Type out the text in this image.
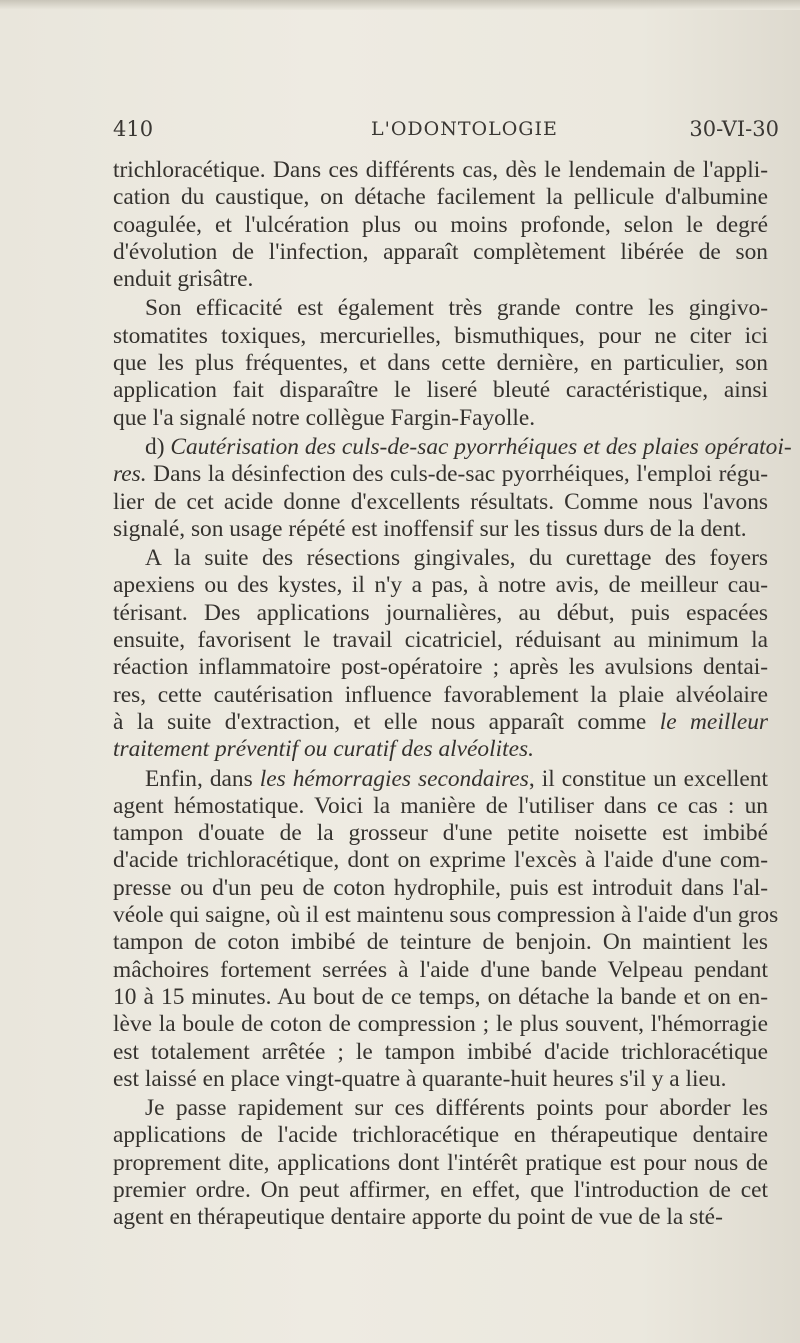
410	L'ODONTOLOGIE	30-VI-30
trichloracétique. Dans ces différents cas, dès le lendemain de l'appli-
cation du caustique, on détache facilement la pellicule d'albumine
coagulée, et l'ulcération plus ou moins profonde, selon le degré
d'évolution de l'infection, apparaît complètement libérée de son
enduit grisâtre.
Son efficacité est également très grande contre les gingivo-
stomatites toxiques, mercurielles, bismuthiques, pour ne citer ici
que les plus fréquentes, et dans cette dernière, en particulier, son
application fait disparaître le liseré bleuté caractéristique, ainsi
que l'a signalé notre collègue Fargin-Fayolle.
d) Cautérisation des culs-de-sac pyorrhéiques et des plaies opératoi-
res. Dans la désinfection des culs-de-sac pyorrhéiques, l'emploi régu-
lier de cet acide donne d'excellents résultats. Comme nous l'avons
signalé, son usage répété est inoffensif sur les tissus durs de la dent.
A la suite des résections gingivales, du curettage des foyers
apexiens ou des kystes, il n'y a pas, à notre avis, de meilleur cau-
térisant. Des applications journalières, au début, puis espacées
ensuite, favorisent le travail cicatriciel, réduisant au minimum la
réaction inflammatoire post-opératoire ; après les avulsions dentai-
res, cette cautérisation influence favorablement la plaie alvéolaire
à la suite d'extraction, et elle nous apparaît comme le meilleur
traitement préventif ou curatif des alvéolites.
Enfin, dans les hémorragies secondaires, il constitue un excellent
agent hémostatique. Voici la manière de l'utiliser dans ce cas : un
tampon d'ouate de la grosseur d'une petite noisette est imbibé
d'acide trichloracétique, dont on exprime l'excès à l'aide d'une com-
presse ou d'un peu de coton hydrophile, puis est introduit dans l'al-
véole qui saigne, où il est maintenu sous compression à l'aide d'un gros
tampon de coton imbibé de teinture de benjoin. On maintient les
mâchoires fortement serrées à l'aide d'une bande Velpeau pendant
10 à 15 minutes. Au bout de ce temps, on détache la bande et on en-
lève la boule de coton de compression ; le plus souvent, l'hémorragie
est totalement arrêtée ; le tampon imbibé d'acide trichloracétique
est laissé en place vingt-quatre à quarante-huit heures s'il y a lieu.
Je passe rapidement sur ces différents points pour aborder les
applications de l'acide trichloracétique en thérapeutique dentaire
proprement dite, applications dont l'intérêt pratique est pour nous de
premier ordre. On peut affirmer, en effet, que l'introduction de cet
agent en thérapeutique dentaire apporte du point de vue de la sté-
